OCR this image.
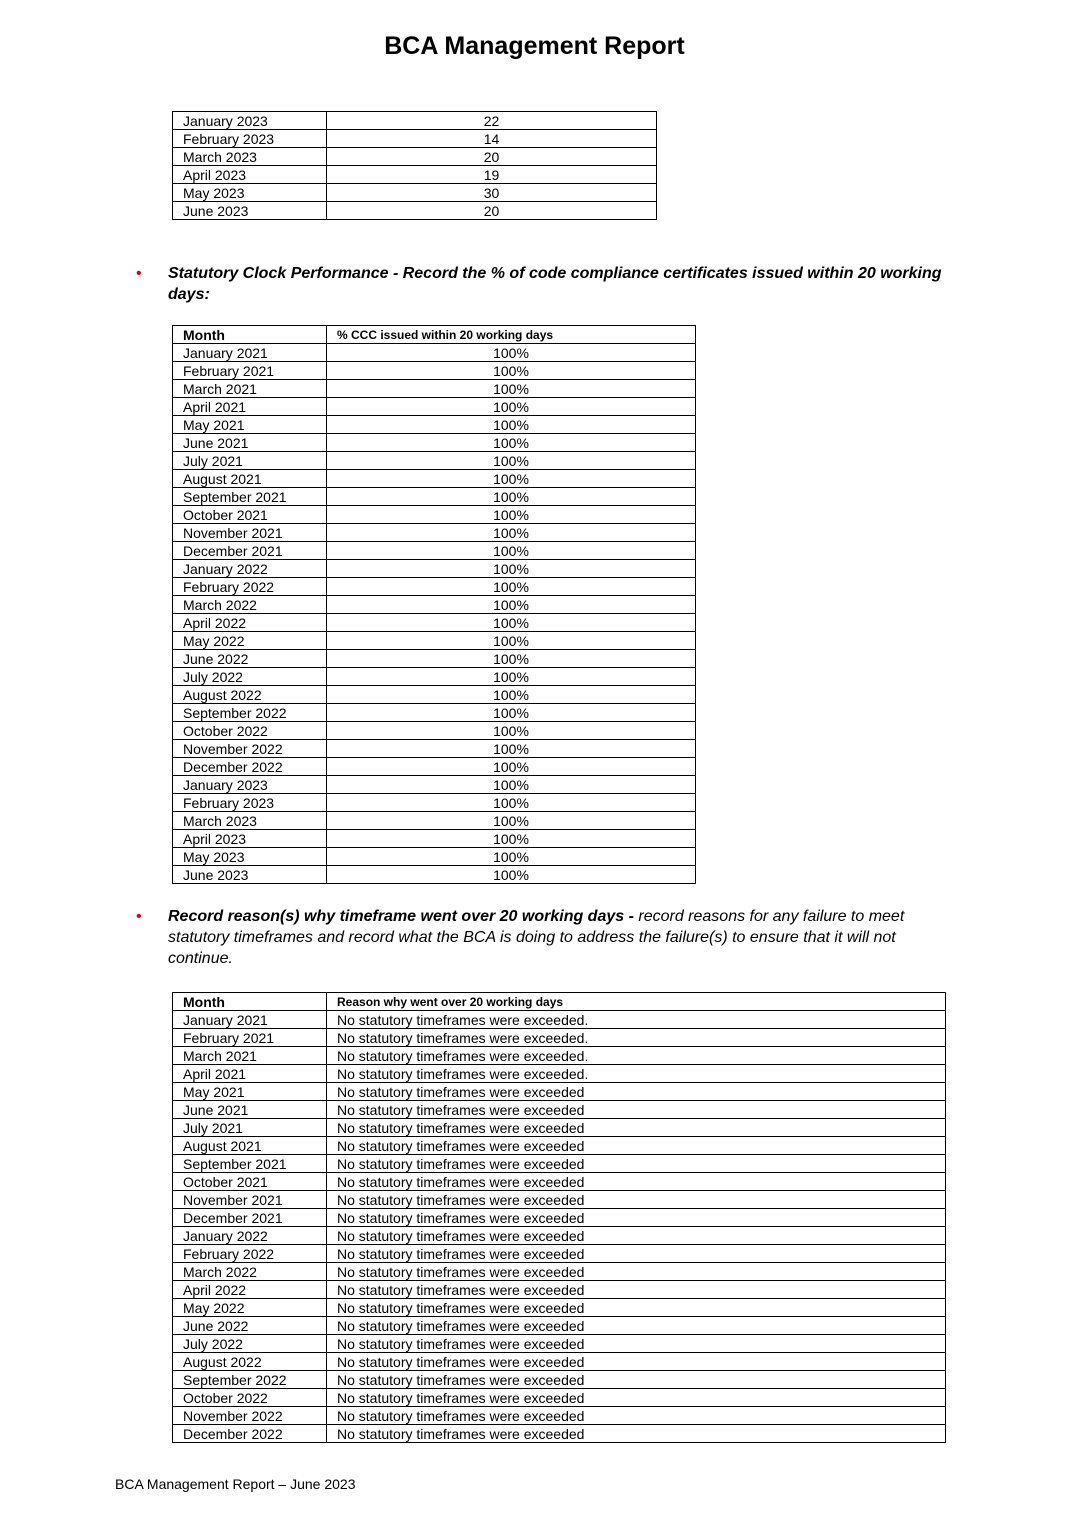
BCA Management Report
January 2023	22
February 2023	14
March 2023	20
April 2023	19
May 2023	30
June 2023	20

• Statutory Clock Performance - Record the % of code compliance certificates issued within 20 working days:

Month	% CCC issued within 20 working days
January 2021	100%
February 2021	100%
March 2021	100%
April 2021	100%
May 2021	100%
June 2021	100%
July 2021	100%
August 2021	100%
September 2021	100%
October 2021	100%
November 2021	100%
December 2021	100%
January 2022	100%
February 2022	100%
March 2022	100%
April 2022	100%
May 2022	100%
June 2022	100%
July 2022	100%
August 2022	100%
September 2022	100%
October 2022	100%
November 2022	100%
December 2022	100%
January 2023	100%
February 2023	100%
March 2023	100%
April 2023	100%
May 2023	100%
June 2023	100%

• Record reason(s) why timeframe went over 20 working days - record reasons for any failure to meet statutory timeframes and record what the BCA is doing to address the failure(s) to ensure that it will not continue.

Month	Reason why went over 20 working days
January 2021	No statutory timeframes were exceeded.
February 2021	No statutory timeframes were exceeded.
March 2021	No statutory timeframes were exceeded.
April 2021	No statutory timeframes were exceeded.
May 2021	No statutory timeframes were exceeded
June 2021	No statutory timeframes were exceeded
July 2021	No statutory timeframes were exceeded
August 2021	No statutory timeframes were exceeded
September 2021	No statutory timeframes were exceeded
October 2021	No statutory timeframes were exceeded
November 2021	No statutory timeframes were exceeded
December 2021	No statutory timeframes were exceeded
January 2022	No statutory timeframes were exceeded
February 2022	No statutory timeframes were exceeded
March 2022	No statutory timeframes were exceeded
April 2022	No statutory timeframes were exceeded
May 2022	No statutory timeframes were exceeded
June 2022	No statutory timeframes were exceeded
July 2022	No statutory timeframes were exceeded
August 2022	No statutory timeframes were exceeded
September 2022	No statutory timeframes were exceeded
October 2022	No statutory timeframes were exceeded
November 2022	No statutory timeframes were exceeded
December 2022	No statutory timeframes were exceeded

BCA Management Report – June 2023
